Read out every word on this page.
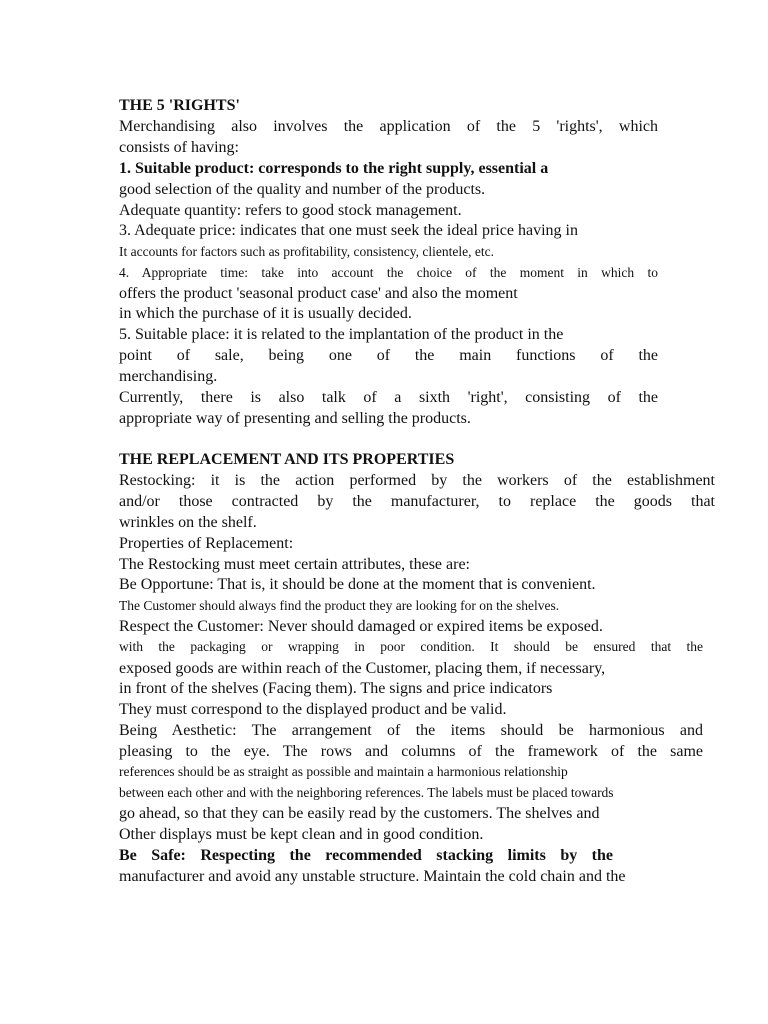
THE 5 'RIGHTS'
Merchandising also involves the application of the 5 'rights', which
consists of having:
1. Suitable product: corresponds to the right supply, essential a
good selection of the quality and number of the products.
Adequate quantity: refers to good stock management.
3. Adequate price: indicates that one must seek the ideal price having in
It accounts for factors such as profitability, consistency, clientele, etc.
4. Appropriate time: take into account the choice of the moment in which to
offers the product 'seasonal product case' and also the moment
in which the purchase of it is usually decided.
5. Suitable place: it is related to the implantation of the product in the
point of sale, being one of the main functions of the
merchandising.
Currently, there is also talk of a sixth 'right', consisting of the
appropriate way of presenting and selling the products.
THE REPLACEMENT AND ITS PROPERTIES
Restocking: it is the action performed by the workers of the establishment
and/or those contracted by the manufacturer, to replace the goods that
wrinkles on the shelf.
Properties of Replacement:
The Restocking must meet certain attributes, these are:
Be Opportune: That is, it should be done at the moment that is convenient.
The Customer should always find the product they are looking for on the shelves.
Respect the Customer: Never should damaged or expired items be exposed.
with the packaging or wrapping in poor condition. It should be ensured that the
exposed goods are within reach of the Customer, placing them, if necessary,
in front of the shelves (Facing them). The signs and price indicators
They must correspond to the displayed product and be valid.
Being Aesthetic: The arrangement of the items should be harmonious and
pleasing to the eye. The rows and columns of the framework of the same
references should be as straight as possible and maintain a harmonious relationship
between each other and with the neighboring references. The labels must be placed towards
go ahead, so that they can be easily read by the customers. The shelves and
Other displays must be kept clean and in good condition.
Be Safe: Respecting the recommended stacking limits by the
manufacturer and avoid any unstable structure. Maintain the cold chain and the
